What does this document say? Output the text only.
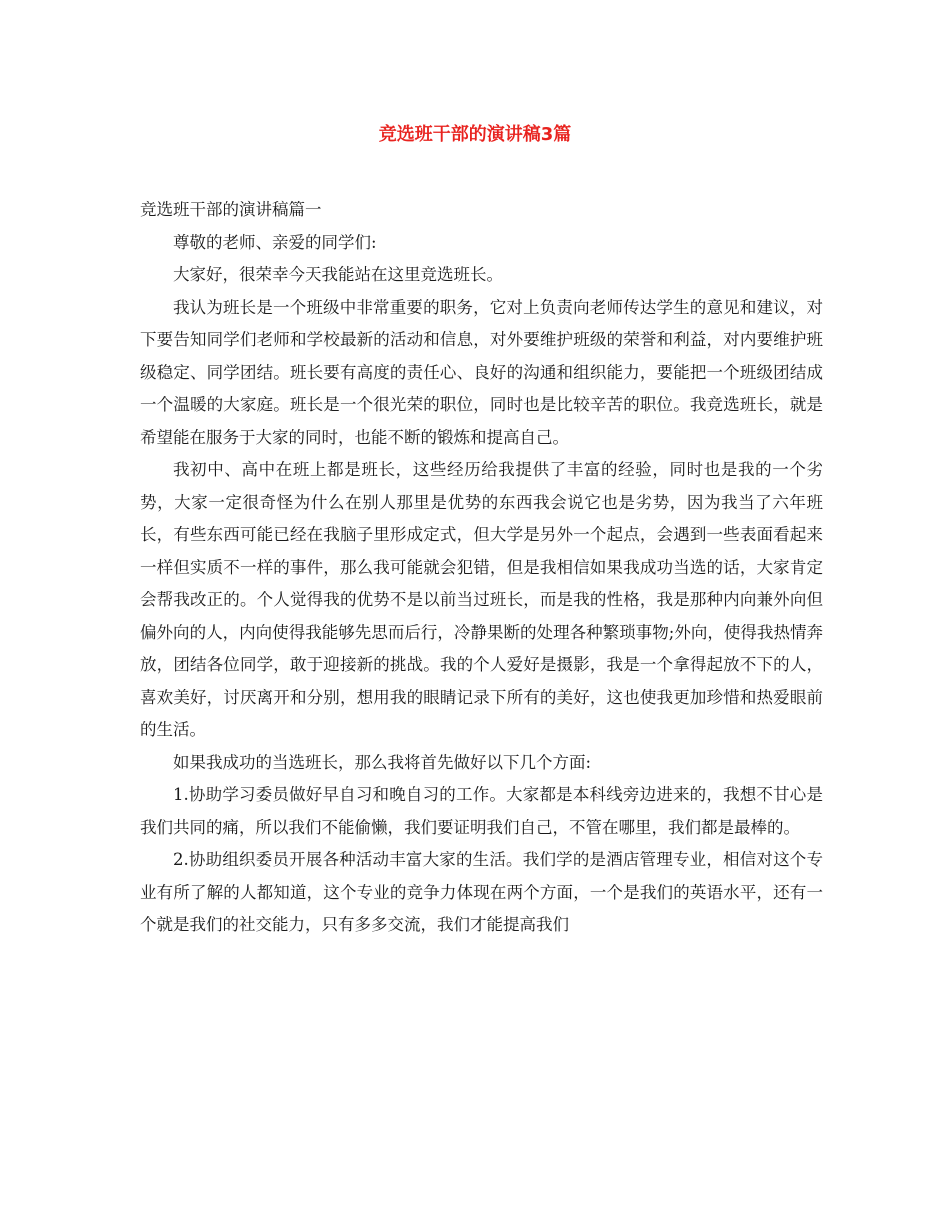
竞选班干部的演讲稿3篇

竞选班干部的演讲稿篇一

尊敬的老师、亲爱的同学们:

大家好，很荣幸今天我能站在这里竞选班长。

我认为班长是一个班级中非常重要的职务，它对上负责向老师传达学生的意见和建议，对下要告知同学们老师和学校最新的活动和信息，对外要维护班级的荣誉和利益，对内要维护班级稳定、同学团结。班长要有高度的责任心、良好的沟通和组织能力，要能把一个班级团结成一个温暖的大家庭。班长是一个很光荣的职位，同时也是比较辛苦的职位。我竞选班长，就是希望能在服务于大家的同时，也能不断的锻炼和提高自己。

我初中、高中在班上都是班长，这些经历给我提供了丰富的经验，同时也是我的一个劣势，大家一定很奇怪为什么在别人那里是优势的东西我会说它也是劣势，因为我当了六年班长，有些东西可能已经在我脑子里形成定式，但大学是另外一个起点，会遇到一些表面看起来一样但实质不一样的事件，那么我可能就会犯错，但是我相信如果我成功当选的话，大家肯定会帮我改正的。个人觉得我的优势不是以前当过班长，而是我的性格，我是那种内向兼外向但偏外向的人，内向使得我能够先思而后行，冷静果断的处理各种繁琐事物;外向，使得我热情奔放，团结各位同学，敢于迎接新的挑战。我的个人爱好是摄影，我是一个拿得起放不下的人，喜欢美好，讨厌离开和分别，想用我的眼睛记录下所有的美好，这也使我更加珍惜和热爱眼前的生活。

如果我成功的当选班长，那么我将首先做好以下几个方面:

1.协助学习委员做好早自习和晚自习的工作。大家都是本科线旁边进来的，我想不甘心是我们共同的痛，所以我们不能偷懒，我们要证明我们自己，不管在哪里，我们都是最棒的。

2.协助组织委员开展各种活动丰富大家的生活。我们学的是酒店管理专业，相信对这个专业有所了解的人都知道，这个专业的竞争力体现在两个方面，一个是我们的英语水平，还有一个就是我们的社交能力，只有多多交流，我们才能提高我们
